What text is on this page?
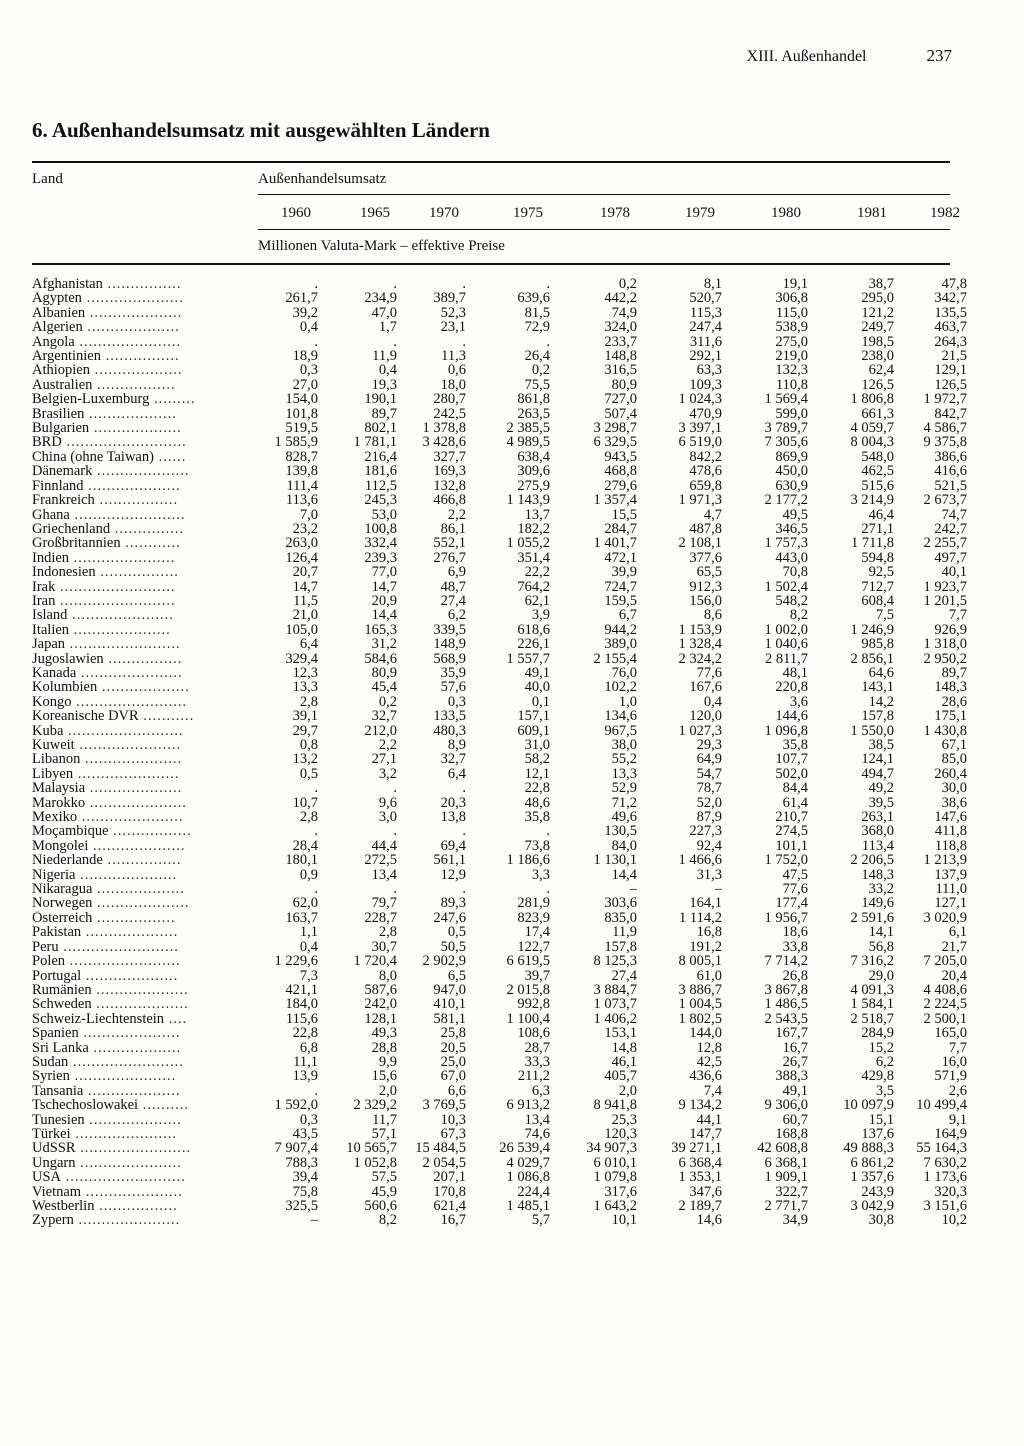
XIII. Außenhandel	237
6. Außenhandelsumsatz mit ausgewählten Ländern
Land	Außenhandelsumsatz
1960	1965	1970	1975	1978	1979	1980	1981	1982
Millionen Valuta-Mark – effektive Preise
Afghanistan ................	.	.	.	.	0,2	8,1	19,1	38,7	47,8
Ägypten .....................	261,7	234,9	389,7	639,6	442,2	520,7	306,8	295,0	342,7
Albanien ....................	39,2	47,0	52,3	81,5	74,9	115,3	115,0	121,2	135,5
Algerien ....................	0,4	1,7	23,1	72,9	324,0	247,4	538,9	249,7	463,7
Angola ......................	.	.	.	.	233,7	311,6	275,0	198,5	264,3
Argentinien ................	18,9	11,9	11,3	26,4	148,8	292,1	219,0	238,0	21,5
Äthiopien ...................	0,3	0,4	0,6	0,2	316,5	63,3	132,3	62,4	129,1
Australien .................	27,0	19,3	18,0	75,5	80,9	109,3	110,8	126,5	126,5
Belgien-Luxemburg .........	154,0	190,1	280,7	861,8	727,0	1 024,3	1 569,4	1 806,8	1 972,7
Brasilien ...................	101,8	89,7	242,5	263,5	507,4	470,9	599,0	661,3	842,7
Bulgarien ...................	519,5	802,1	1 378,8	2 385,5	3 298,7	3 397,1	3 789,7	4 059,7	4 586,7
BRD ..........................	1 585,9	1 781,1	3 428,6	4 989,5	6 329,5	6 519,0	7 305,6	8 004,3	9 375,8
China (ohne Taiwan) ......	828,7	216,4	327,7	638,4	943,5	842,2	869,9	548,0	386,6
Dänemark ....................	139,8	181,6	169,3	309,6	468,8	478,6	450,0	462,5	416,6
Finnland ....................	111,4	112,5	132,8	275,9	279,6	659,8	630,9	515,6	521,5
Frankreich .................	113,6	245,3	466,8	1 143,9	1 357,4	1 971,3	2 177,2	3 214,9	2 673,7
Ghana ........................	7,0	53,0	2,2	13,7	15,5	4,7	49,5	46,4	74,7
Griechenland ...............	23,2	100,8	86,1	182,2	284,7	487,8	346,5	271,1	242,7
Großbritannien ............	263,0	332,4	552,1	1 055,2	1 401,7	2 108,1	1 757,3	1 711,8	2 255,7
Indien ......................	126,4	239,3	276,7	351,4	472,1	377,6	443,0	594,8	497,7
Indonesien .................	20,7	77,0	6,9	22,2	39,9	65,5	70,8	92,5	40,1
Irak .........................	14,7	14,7	48,7	764,2	724,7	912,3	1 502,4	712,7	1 923,7
Iran .........................	11,5	20,9	27,4	62,1	159,5	156,0	548,2	608,4	1 201,5
Island ......................	21,0	14,4	6,2	3,9	6,7	8,6	8,2	7,5	7,7
Italien .....................	105,0	165,3	339,5	618,6	944,2	1 153,9	1 002,0	1 246,9	926,9
Japan ........................	6,4	31,2	148,9	226,1	389,0	1 328,4	1 040,6	985,8	1 318,0
Jugoslawien ................	329,4	584,6	568,9	1 557,7	2 155,4	2 324,2	2 811,7	2 856,1	2 950,2
Kanada ......................	12,3	80,9	35,9	49,1	76,0	77,6	48,1	64,6	89,7
Kolumbien ...................	13,3	45,4	57,6	40,0	102,2	167,6	220,8	143,1	148,3
Kongo ........................	2,8	0,2	0,3	0,1	1,0	0,4	3,6	14,2	28,6
Koreanische DVR ...........	39,1	32,7	133,5	157,1	134,6	120,0	144,6	157,8	175,1
Kuba .........................	29,7	212,0	480,3	609,1	967,5	1 027,3	1 096,8	1 550,0	1 430,8
Kuweit ......................	0,8	2,2	8,9	31,0	38,0	29,3	35,8	38,5	67,1
Libanon .....................	13,2	27,1	32,7	58,2	55,2	64,9	107,7	124,1	85,0
Libyen ......................	0,5	3,2	6,4	12,1	13,3	54,7	502,0	494,7	260,4
Malaysia ....................	.	.	.	22,8	52,9	78,7	84,4	49,2	30,0
Marokko .....................	10,7	9,6	20,3	48,6	71,2	52,0	61,4	39,5	38,6
Mexiko ......................	2,8	3,0	13,8	35,8	49,6	87,9	210,7	263,1	147,6
Moçambique .................	.	.	.	.	130,5	227,3	274,5	368,0	411,8
Mongolei ....................	28,4	44,4	69,4	73,8	84,0	92,4	101,1	113,4	118,8
Niederlande ................	180,1	272,5	561,1	1 186,6	1 130,1	1 466,6	1 752,0	2 206,5	1 213,9
Nigeria .....................	0,9	13,4	12,9	3,3	14,4	31,3	47,5	148,3	137,9
Nikaragua ...................	.	.	.	.	–	–	77,6	33,2	111,0
Norwegen ....................	62,0	79,7	89,3	281,9	303,6	164,1	177,4	149,6	127,1
Österreich .................	163,7	228,7	247,6	823,9	835,0	1 114,2	1 956,7	2 591,6	3 020,9
Pakistan ....................	1,1	2,8	0,5	17,4	11,9	16,8	18,6	14,1	6,1
Peru .........................	0,4	30,7	50,5	122,7	157,8	191,2	33,8	56,8	21,7
Polen ........................	1 229,6	1 720,4	2 902,9	6 619,5	8 125,3	8 005,1	7 714,2	7 316,2	7 205,0
Portugal ....................	7,3	8,0	6,5	39,7	27,4	61,0	26,8	29,0	20,4
Rumänien ....................	421,1	587,6	947,0	2 015,8	3 884,7	3 886,7	3 867,8	4 091,3	4 408,6
Schweden ....................	184,0	242,0	410,1	992,8	1 073,7	1 004,5	1 486,5	1 584,1	2 224,5
Schweiz-Liechtenstein ....	115,6	128,1	581,1	1 100,4	1 406,2	1 802,5	2 543,5	2 518,7	2 500,1
Spanien .....................	22,8	49,3	25,8	108,6	153,1	144,0	167,7	284,9	165,0
Sri Lanka ...................	6,8	28,8	20,5	28,7	14,8	12,8	16,7	15,2	7,7
Sudan ........................	11,1	9,9	25,0	33,3	46,1	42,5	26,7	6,2	16,0
Syrien ......................	13,9	15,6	67,0	211,2	405,7	436,6	388,3	429,8	571,9
Tansania ....................	.	2,0	6,6	6,3	2,0	7,4	49,1	3,5	2,6
Tschechoslowakei ..........	1 592,0	2 329,2	3 769,5	6 913,2	8 941,8	9 134,2	9 306,0	10 097,9	10 499,4
Tunesien ....................	0,3	11,7	10,3	13,4	25,3	44,1	60,7	15,1	9,1
Türkei ......................	43,5	57,1	67,3	74,6	120,3	147,7	168,8	137,6	164,9
UdSSR ........................	7 907,4	10 565,7	15 484,5	26 539,4	34 907,3	39 271,1	42 608,8	49 888,3	55 164,3
Ungarn ......................	788,3	1 052,8	2 054,5	4 029,7	6 010,1	6 368,4	6 368,1	6 861,2	7 630,2
USA ..........................	39,4	57,5	207,1	1 086,8	1 079,8	1 353,1	1 909,1	1 357,6	1 173,6
Vietnam .....................	75,8	45,9	170,8	224,4	317,6	347,6	322,7	243,9	320,3
Westberlin .................	325,5	560,6	621,4	1 485,1	1 643,2	2 189,7	2 771,7	3 042,9	3 151,6
Zypern ......................	–	8,2	16,7	5,7	10,1	14,6	34,9	30,8	10,2
